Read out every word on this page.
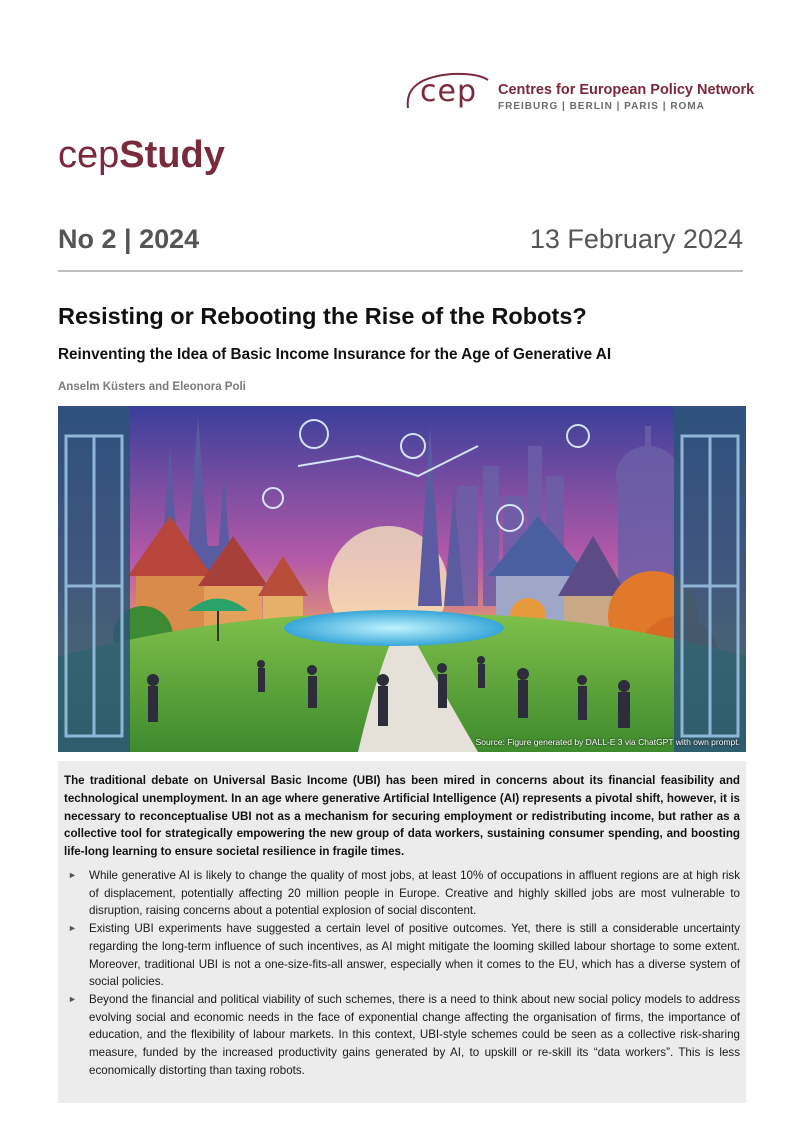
cep Centres for European Policy Network
FREIBURG | BERLIN | PARIS | ROMA
cepStudy
No 2 | 2024	13 February 2024
Resisting or Rebooting the Rise of the Robots?
Reinventing the Idea of Basic Income Insurance for the Age of Generative AI
Anselm Küsters and Eleonora Poli
Source: Figure generated by DALL-E 3 via ChatGPT with own prompt.

The traditional debate on Universal Basic Income (UBI) has been mired in concerns about its financial feasibility and technological unemployment. In an age where generative Artificial Intelligence (AI) represents a pivotal shift, however, it is necessary to reconceptualise UBI not as a mechanism for securing employment or redistributing income, but rather as a collective tool for strategically empowering the new group of data workers, sustaining consumer spending, and boosting life-long learning to ensure societal resilience in fragile times.

► While generative AI is likely to change the quality of most jobs, at least 10% of occupations in affluent regions are at high risk of displacement, potentially affecting 20 million people in Europe. Creative and highly skilled jobs are most vulnerable to disruption, raising concerns about a potential explosion of social discontent.
► Existing UBI experiments have suggested a certain level of positive outcomes. Yet, there is still a considerable uncertainty regarding the long-term influence of such incentives, as AI might mitigate the looming skilled labour shortage to some extent. Moreover, traditional UBI is not a one-size-fits-all answer, especially when it comes to the EU, which has a diverse system of social policies.
► Beyond the financial and political viability of such schemes, there is a need to think about new social policy models to address evolving social and economic needs in the face of exponential change affecting the organisation of firms, the importance of education, and the flexibility of labour markets. In this context, UBI-style schemes could be seen as a collective risk-sharing measure, funded by the increased productivity gains generated by AI, to upskill or re-skill its “data workers”. This is less economically distorting than taxing robots.
